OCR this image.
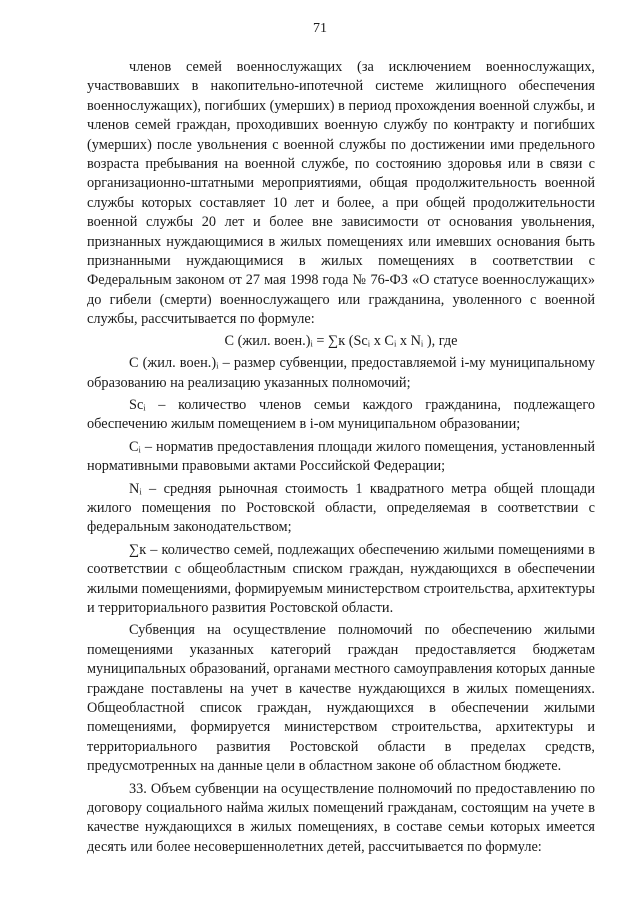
71

членов семей военнослужащих (за исключением военнослужащих, участвовавших в накопительно-ипотечной системе жилищного обеспечения военнослужащих), погибших (умерших) в период прохождения военной службы, и членов семей граждан, проходивших военную службу по контракту и погибших (умерших) после увольнения с военной службы по достижении ими предельного возраста пребывания на военной службе, по состоянию здоровья или в связи с организационно-штатными мероприятиями, общая продолжительность военной службы которых составляет 10 лет и более, а при общей продолжительности военной службы 20 лет и более вне зависимости от основания увольнения, признанных нуждающимися в жилых помещениях или имевших основания быть признанными нуждающимися в жилых помещениях в соответствии с Федеральным законом от 27 мая 1998 года № 76-ФЗ «О статусе военнослужащих» до гибели (смерти) военнослужащего или гражданина, уволенного с военной службы, рассчитывается по формуле:

C (жил. воен.)ᵢ = ∑к (Scᵢ х Cᵢ х Nᵢ ), где

С (жил. воен.)ᵢ – размер субвенции, предоставляемой i-му муниципальному образованию на реализацию указанных полномочий;

Scᵢ – количество членов семьи каждого гражданина, подлежащего обеспечению жилым помещением в i-ом муниципальном образовании;

Cᵢ – норматив предоставления площади жилого помещения, установленный нормативными правовыми актами Российской Федерации;

Nᵢ – средняя рыночная стоимость 1 квадратного метра общей площади жилого помещения по Ростовской области, определяемая в соответствии с федеральным законодательством;

∑к – количество семей, подлежащих обеспечению жилыми помещениями в соответствии с общеобластным списком граждан, нуждающихся в обеспечении жилыми помещениями, формируемым министерством строительства, архитектуры и территориального развития Ростовской области.

Субвенция на осуществление полномочий по обеспечению жилыми помещениями указанных категорий граждан предоставляется бюджетам муниципальных образований, органами местного самоуправления которых данные граждане поставлены на учет в качестве нуждающихся в жилых помещениях. Общеобластной список граждан, нуждающихся в обеспечении жилыми помещениями, формируется министерством строительства, архитектуры и территориального развития Ростовской области в пределах средств, предусмотренных на данные цели в областном законе об областном бюджете.

33. Объем субвенции на осуществление полномочий по предоставлению по договору социального найма жилых помещений гражданам, состоящим на учете в качестве нуждающихся в жилых помещениях, в составе семьи которых имеется десять или более несовершеннолетних детей, рассчитывается по формуле:
